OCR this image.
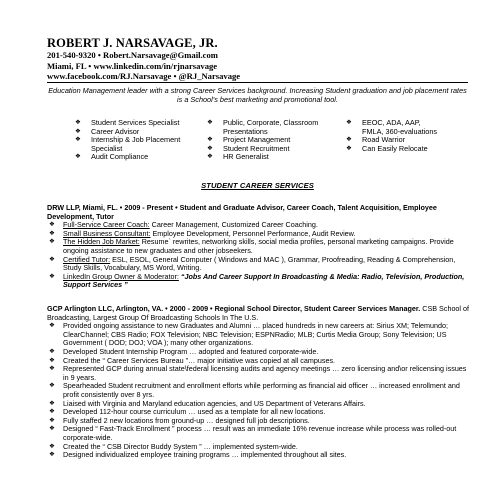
ROBERT J. NARSAVAGE, JR.
201-540-9320 • Robert.Narsavage@Gmail.com
Miami, FL • www.linkedin.com/in/rjnarsavage
www.facebook.com/RJ.Narsavage • @RJ_Narsavage
Education Management leader with a strong Career Services background. Increasing Student graduation and job placement rates is a School’s best marketing and promotional tool.
❖ Student Services Specialist
❖ Career Advisor
❖ Internship & Job Placement Specialist
❖ Audit Compliance
❖ Public, Corporate, Classroom Presentations
❖ Project Management
❖ Student Recruitment
❖ HR Generalist
❖ EEOC, ADA, AAP, FMLA, 360-evaluations
❖ Road Warrior
❖ Can Easily Relocate
STUDENT CAREER SERVICES
DRW LLP, Miami, FL. • 2009 - Present • Student and Graduate Advisor, Career Coach, Talent Acquisition, Employee Development, Tutor
❖ Full-Service Career Coach: Career Management, Customized Career Coaching.
❖ Small Business Consultant: Employee Development, Personnel Performance, Audit Review.
❖ The Hidden Job Market: Resume` rewrites, networking skills, social media profiles, personal marketing campaigns. Provide ongoing assistance to new graduates and other jobseekers.
❖ Certified Tutor: ESL, ESOL, General Computer ( Windows and MAC ), Grammar, Proofreading, Reading & Comprehension, Study Skills, Vocabulary, MS Word, Writing.
❖ LinkedIn Group Owner & Moderator: “Jobs And Career Support In Broadcasting & Media: Radio, Television, Production, Support Services ”
GCP Arlington LLC, Arlington, VA. • 2000 - 2009 • Regional School Director, Student Career Services Manager. CSB School of Broadcasting, Largest Group Of Broadcasting Schools In The U.S.
❖ Provided ongoing assistance to new Graduates and Alumni … placed hundreds in new careers at: Sirius XM; Telemundo; ClearChannel; CBS Radio; FOX Television; NBC Television; ESPNRadio; MLB; Curtis Media Group; Sony Television; US Government ( DOD; DOJ; VOA ); many other organizations.
❖ Developed Student Internship Program … adopted and featured corporate-wide.
❖ Created the “ Career Services Bureau ”… major initiative was copied at all campuses.
❖ Represented GCP during annual state\federal licensing audits and agency meetings … zero licensing and\or relicensing issues in 9 years.
❖ Spearheaded Student recruitment and enrollment efforts while performing as financial aid officer … increased enrollment and profit consistently over 8 yrs.
❖ Liaised with Virginia and Maryland education agencies, and US Department of Veterans Affairs.
❖ Developed 112-hour course curriculum … used as a template for all new locations.
❖ Fully staffed 2 new locations from ground-up … designed full job descriptions.
❖ Designed “ Fast-Track Enrollment ” process … result was an immediate 16% revenue increase while process was rolled-out corporate-wide.
❖ Created the “ CSB Director Buddy System ” … implemented system-wide.
❖ Designed individualized employee training programs … implemented throughout all sites.
